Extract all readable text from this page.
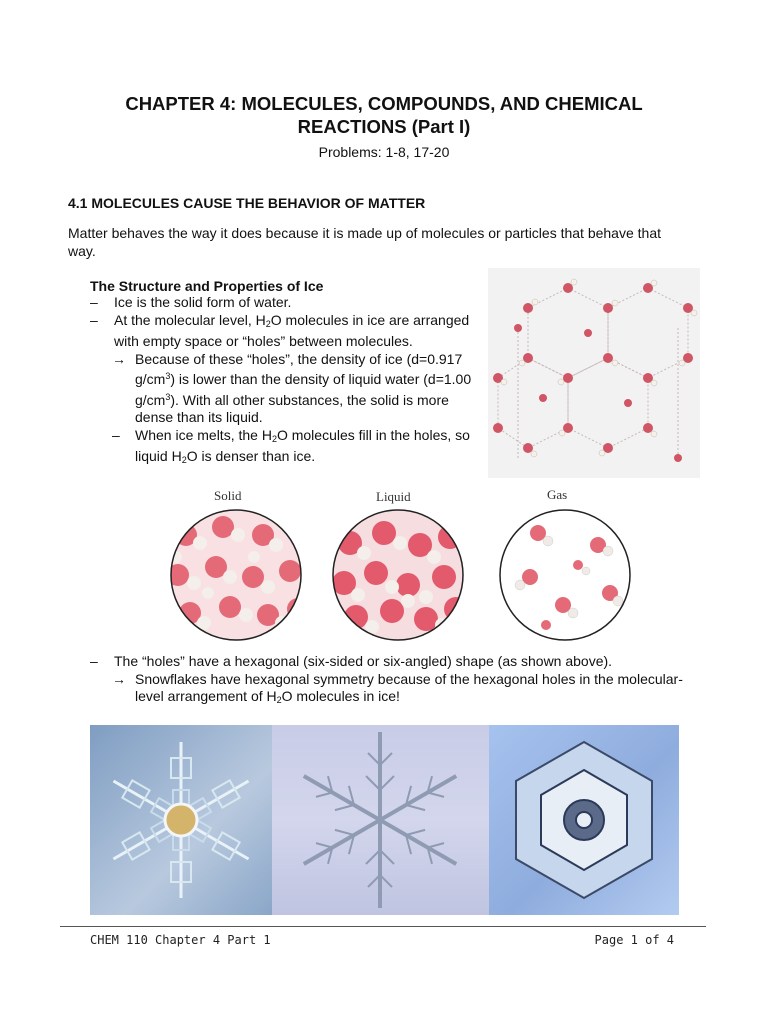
CHAPTER 4: MOLECULES, COMPOUNDS, AND CHEMICAL
REACTIONS (Part I)
Problems: 1-8, 17-20
4.1 MOLECULES CAUSE THE BEHAVIOR OF MATTER
Matter behaves the way it does because it is made up of molecules or particles that behave that way.
The Structure and Properties of Ice
– Ice is the solid form of water.
– At the molecular level, $H_2O$ molecules in ice are arranged with empty space or “holes” between molecules.
→ Because of these “holes”, the density of ice (d=0.917 $g/cm^3$) is lower than the density of liquid water (d=1.00 $g/cm^3$). With all other substances, the solid is more dense than its liquid.
– When ice melts, the $H_2O$ molecules fill in the holes, so liquid $H_2O$ is denser than ice.
Solid	Liquid	Gas
– The “holes” have a hexagonal (six-sided or six-angled) shape (as shown above).
→ Snowflakes have hexagonal symmetry because of the hexagonal holes in the molecular-level arrangement of $H_2O$ molecules in ice!
CHEM 110 Chapter 4 Part 1	Page 1 of 4
